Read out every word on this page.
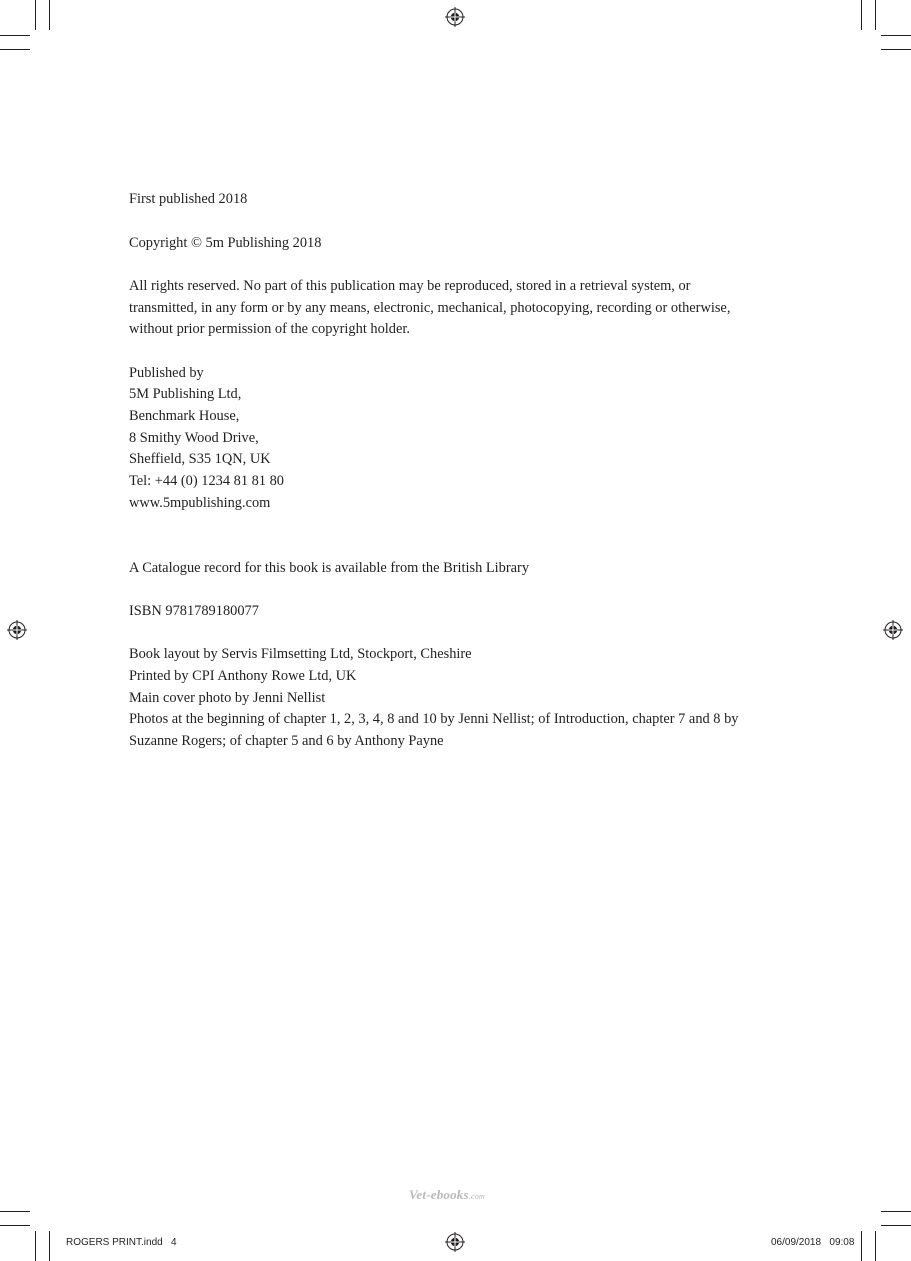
First published 2018
Copyright © 5m Publishing 2018
All rights reserved. No part of this publication may be reproduced, stored in a retrieval system, or
transmitted, in any form or by any means, electronic, mechanical, photocopying, recording or otherwise,
without prior permission of the copyright holder.
Published by
5M Publishing Ltd,
Benchmark House,
8 Smithy Wood Drive,
Sheffield, S35 1QN, UK
Tel: +44 (0) 1234 81 81 80
www.5mpublishing.com
A Catalogue record for this book is available from the British Library
ISBN 9781789180077
Book layout by Servis Filmsetting Ltd, Stockport, Cheshire
Printed by CPI Anthony Rowe Ltd, UK
Main cover photo by Jenni Nellist
Photos at the beginning of chapter 1, 2, 3, 4, 8 and 10 by Jenni Nellist; of Introduction, chapter 7 and 8 by
Suzanne Rogers; of chapter 5 and 6 by Anthony Payne
Vet-ebooks.com
ROGERS PRINT.indd   4	06/09/2018   09:08
